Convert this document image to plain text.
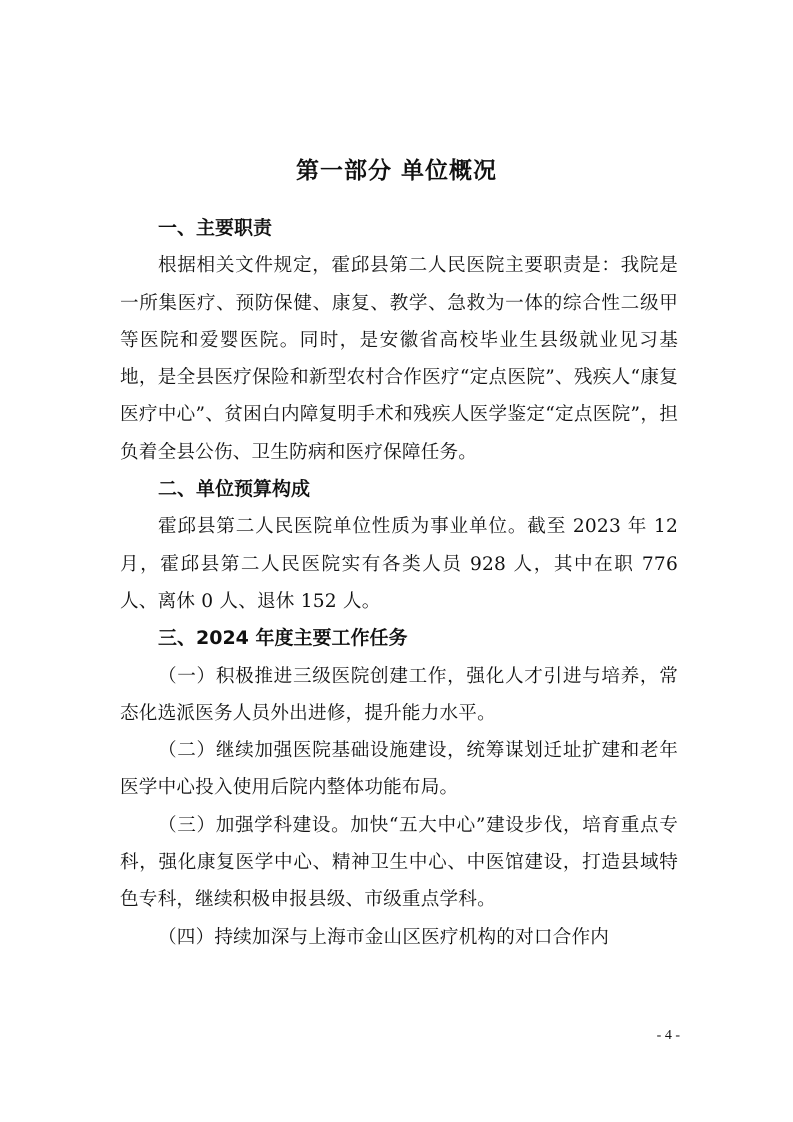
第一部分 单位概况
一、主要职责

根据相关文件规定，霍邱县第二人民医院主要职责是：我院是一所集医疗、预防保健、康复、教学、急救为一体的综合性二级甲等医院和爱婴医院。同时，是安徽省高校毕业生县级就业见习基地，是全县医疗保险和新型农村合作医疗“定点医院”、残疾人“康复医疗中心”、贫困白内障复明手术和残疾人医学鉴定“定点医院”，担负着全县公伤、卫生防病和医疗保障任务。

二、单位预算构成

霍邱县第二人民医院单位性质为事业单位。截至 2023 年 12 月，霍邱县第二人民医院实有各类人员 928 人，其中在职 776 人、离休 0 人、退休 152 人。

三、2024 年度主要工作任务

（一）积极推进三级医院创建工作，强化人才引进与培养，常态化选派医务人员外出进修，提升能力水平。

（二）继续加强医院基础设施建设，统筹谋划迁址扩建和老年医学中心投入使用后院内整体功能布局。

（三）加强学科建设。加快“五大中心”建设步伐，培育重点专科，强化康复医学中心、精神卫生中心、中医馆建设，打造县域特色专科，继续积极申报县级、市级重点学科。

（四）持续加深与上海市金山区医疗机构的对口合作内

- 4 -
